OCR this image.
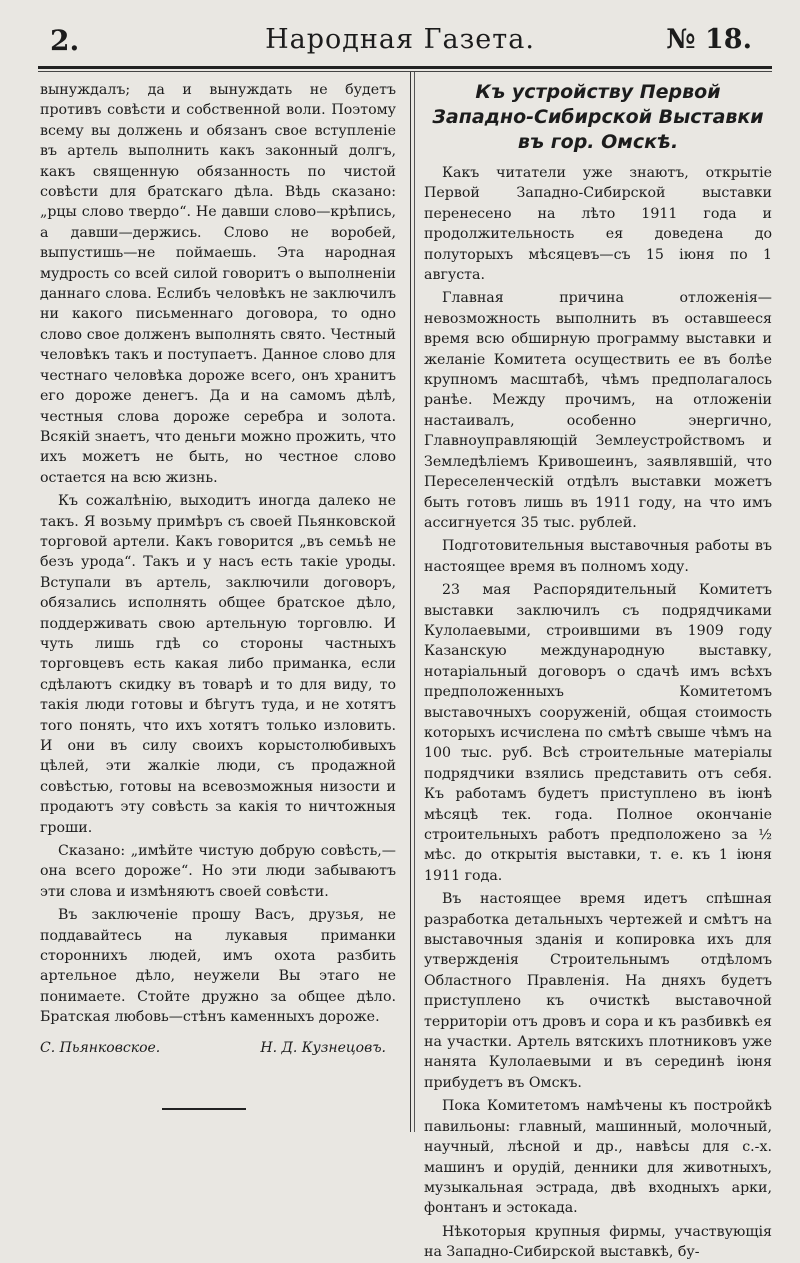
2.	Народная Газета.	№ 18.

вынуждалъ; да и вынуждать не будетъ противъ совѣсти и собственной воли. Поэтому всему вы должень и обязанъ свое вступленіе въ артель выполнить какъ законный долгъ, какъ священную обязанность по чистой совѣсти для братскаго дѣла. Вѣдь сказано: „рцы слово твердо“. Не давши слово—крѣпись, а давши—держись. Слово не воробей, выпустишь—не поймаешь. Эта народная мудрость со всей силой говоритъ о выполненіи даннаго слова. Еслибъ человѣкъ не заключилъ ни какого письменнаго договора, то одно слово свое долженъ выполнять свято. Честный человѣкъ такъ и поступаетъ. Данное слово для честнаго человѣка дороже всего, онъ хранитъ его дороже денегъ. Да и на самомъ дѣлѣ, честныя слова дороже серебра и золота. Всякій знаетъ, что деньги можно прожить, что ихъ можетъ не быть, но честное слово остается на всю жизнь.

Къ сожалѣнію, выходитъ иногда далеко не такъ. Я возьму примѣръ съ своей Пьянковской торговой артели. Какъ говорится „въ семьѣ не безъ урода“. Такъ и у насъ есть такіе уроды. Вступали въ артель, заключили договоръ, обязались исполнять общее братское дѣло, поддерживать свою артельную торговлю. И чуть лишь гдѣ со стороны частныхъ торговцевъ есть какая либо приманка, если сдѣлаютъ скидку въ товарѣ и то для виду, то такія люди готовы и бѣгутъ туда, и не хотятъ того понять, что ихъ хотятъ только изловить. И они въ силу своихъ корыстолюбивыхъ цѣлей, эти жалкіе люди, съ продажной совѣстью, готовы на всевозможныя низости и продаютъ эту совѣсть за какія то ничтожныя гроши.

Сказано: „имѣйте чистую добрую совѣсть,—она всего дороже“. Но эти люди забываютъ эти слова и измѣняютъ своей совѣсти.

Въ заключеніе прошу Васъ, друзья, не поддавайтесь на лукавыя приманки стороннихъ людей, имъ охота разбить артельное дѣло, неужели Вы этаго не понимаете. Стойте дружно за общее дѣло. Братская любовь—стѣнъ каменныхъ дороже.

С. Пьянковское.	Н. Д. Кузнецовъ.
Къ устройству Первой Западно-Сибирской Выставки въ гор. Омскѣ.

Какъ читатели уже знаютъ, открытіе Первой Западно-Сибирской выставки перенесено на лѣто 1911 года и продолжительность ея доведена до полуторыхъ мѣсяцевъ—съ 15 іюня по 1 августа.

Главная причина отложенія—невозможность выполнить въ оставшееся время всю обширную программу выставки и желаніе Комитета осуществить ее въ болѣе крупномъ масштабѣ, чѣмъ предполагалось ранѣе. Между прочимъ, на отложеніи настаивалъ, особенно энергично, Главноуправляющій Землеустройствомъ и Земледѣліемъ Кривошеинъ, заявлявшій, что Переселенческій отдѣлъ выставки можетъ быть готовъ лишь въ 1911 году, на что имъ ассигнуется 35 тыс. рублей.

Подготовительныя выставочныя работы въ настоящее время въ полномъ ходу.

23 мая Распорядительный Комитетъ выставки заключилъ съ подрядчиками Кулолаевыми, строившими въ 1909 году Казанскую международную выставку, нотаріальный договоръ о сдачѣ имъ всѣхъ предположенныхъ Комитетомъ выставочныхъ сооруженій, общая стоимость которыхъ исчислена по смѣтѣ свыше чѣмъ на 100 тыс. руб. Всѣ строительные матеріалы подрядчики взялись представить отъ себя. Къ работамъ будетъ приступлено въ іюнѣ мѣсяцѣ тек. года. Полное окончаніе строительныхъ работъ предположено за ½ мѣс. до открытія выставки, т. е. къ 1 іюня 1911 года.

Въ настоящее время идетъ спѣшная разработка детальныхъ чертежей и смѣтъ на выставочныя зданія и копировка ихъ для утвержденія Строительнымъ отдѣломъ Областного Правленія. На дняхъ будетъ приступлено къ очисткѣ выставочной территоріи отъ дровъ и сора и къ разбивкѣ ея на участки. Артель вятскихъ плотниковъ уже нанята Кулолаевыми и въ серединѣ іюня прибудетъ въ Омскъ.

Пока Комитетомъ намѣчены къ постройкѣ павильоны: главный, машинный, молочный, научный, лѣсной и др., навѣсы для с.-х. машинъ и орудій, денники для животныхъ, музыкальная эстрада, двѣ входныхъ арки, фонтанъ и эстокада.

Нѣкоторыя крупныя фирмы, участвующія на Западно-Сибирской выставкѣ, бу-
